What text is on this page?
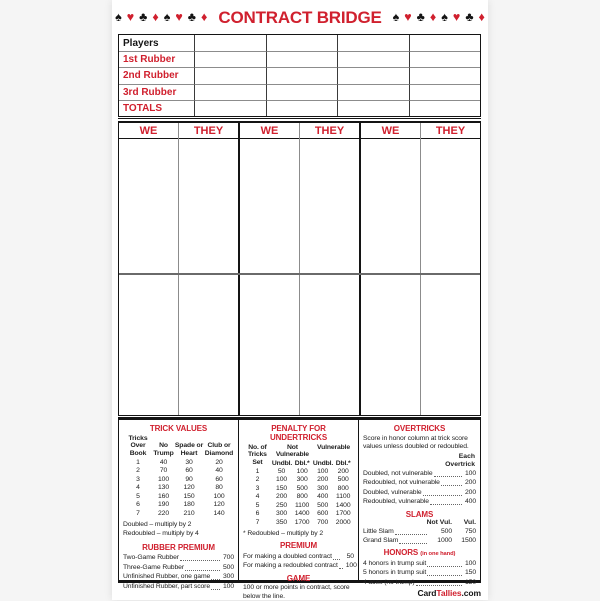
♠ ♥ ♣ ♦ ♠ ♥ ♣ ♦ CONTRACT BRIDGE ♠ ♥ ♣ ♦ ♠ ♥ ♣ ♦
Players
1st Rubber
2nd Rubber
3rd Rubber
TOTALS
WE	THEY	WE	THEY	WE	THEY
TRICK VALUES
Tricks
Over Book
No
Trump
Spade or
Heart
Club or
Diamond
1	40	30	20
2	70	60	40
3	100	90	60
4	130	120	80
5	160	150	100
6	190	180	120
7	220	210	140
Doubled – multiply by 2
Redoubled – multiply by 4
RUBBER PREMIUM
Two-Game Rubber	700
Three-Game Rubber	500
Unfinished Rubber, one game 300
Unfinished Rubber, part score 100
PENALTY FOR UNDERTRICKS
No. of
Tricks Set
Not Vulnerable
Vulnerable
Undbl. Dbl.* Undbl. Dbl.*
1	50	100	100	200
2	100	300	200	500
3	150	500	300	800
4	200	800	400	1100
5	250	1100	500	1400
6	300	1400	600	1700
7	350	1700	700	2000
* Redoubled – multiply by 2
PREMIUM
For making a doubled contract	50
For making a redoubled contract 100
GAME
100 or more points in contract, score below the line.
OVERTRICKS
Score in honor column at trick score values unless doubled or redoubled.
Each
Overtrick
Doubled, not vulnerable	100
Redoubled, not vulnerable	200
Doubled, vulnerable	200
Redoubled, vulnerable	400
SLAMS
Not Vul.	Vul.
Little Slam	500	750
Grand Slam	1000	1500
HONORS (in one hand)
4 honors in trump suit	100
5 honors in trump suit	150
4 aces (no trump)	150
CardTallies.com
